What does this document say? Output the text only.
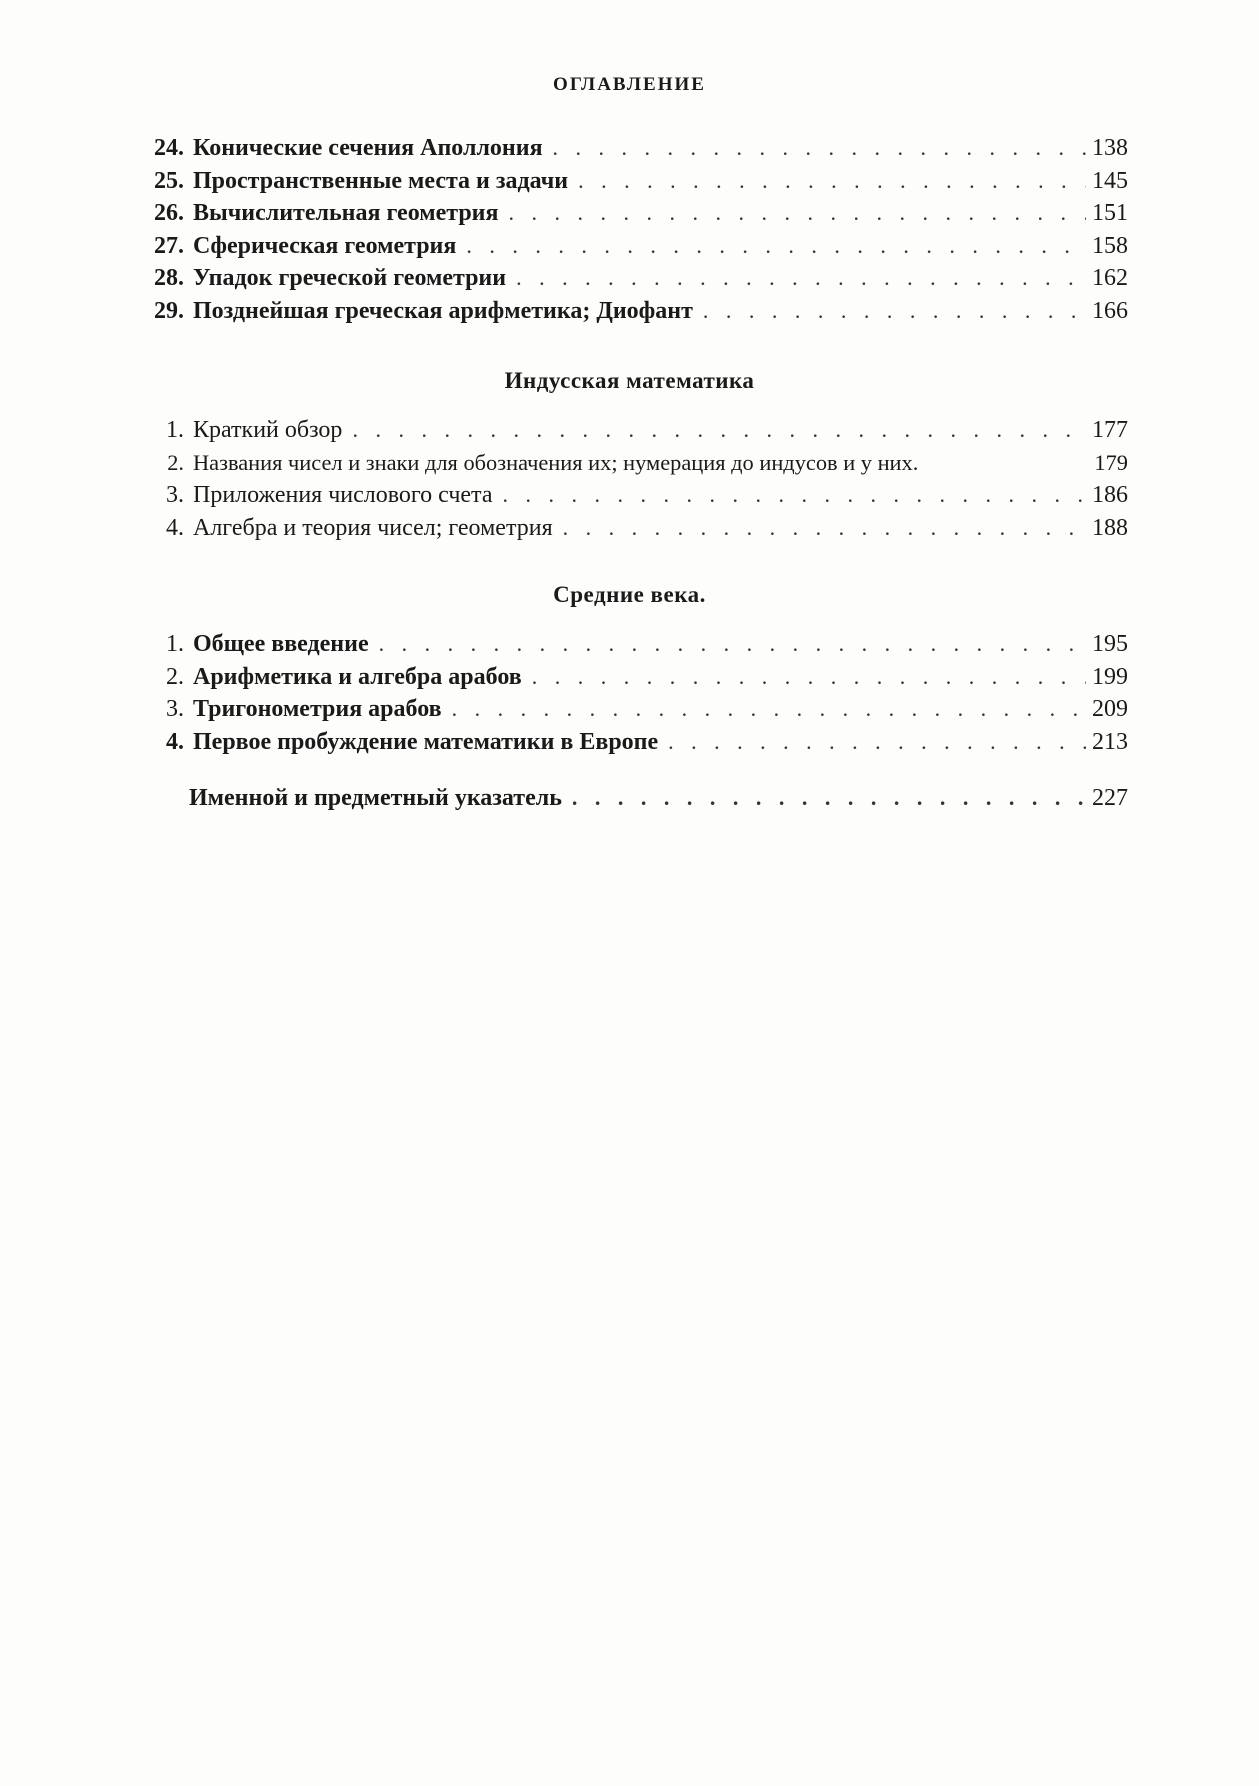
ОГЛАВЛЕНИЕ
24. Конические сечения Аполлония . . .	138
25. Пространственные места и задачи . . .	145
26. Вычислительная геометрия . . .	151
27. Сферическая геометрия . . .	158
28. Упадок греческой геометрии . . .	162
29. Позднейшая греческая арифметика; Диофант . . .	166
Индусская математика
1. Краткий обзор . . .	177
2. Названия чисел и знаки для обозначения их; нумерация до индусов и у них.	179
3. Приложения числового счета . . .	186
4. Алгебра и теория чисел; геометрия . . .	188
Средние века.
1. Общее введение . . .	195
2. Арифметика и алгебра арабов . . .	199
3. Тригонометрия арабов . . .	209
4. Первое пробуждение математики в Европе . . .	213
Именной и предметный указатель . . .	227
